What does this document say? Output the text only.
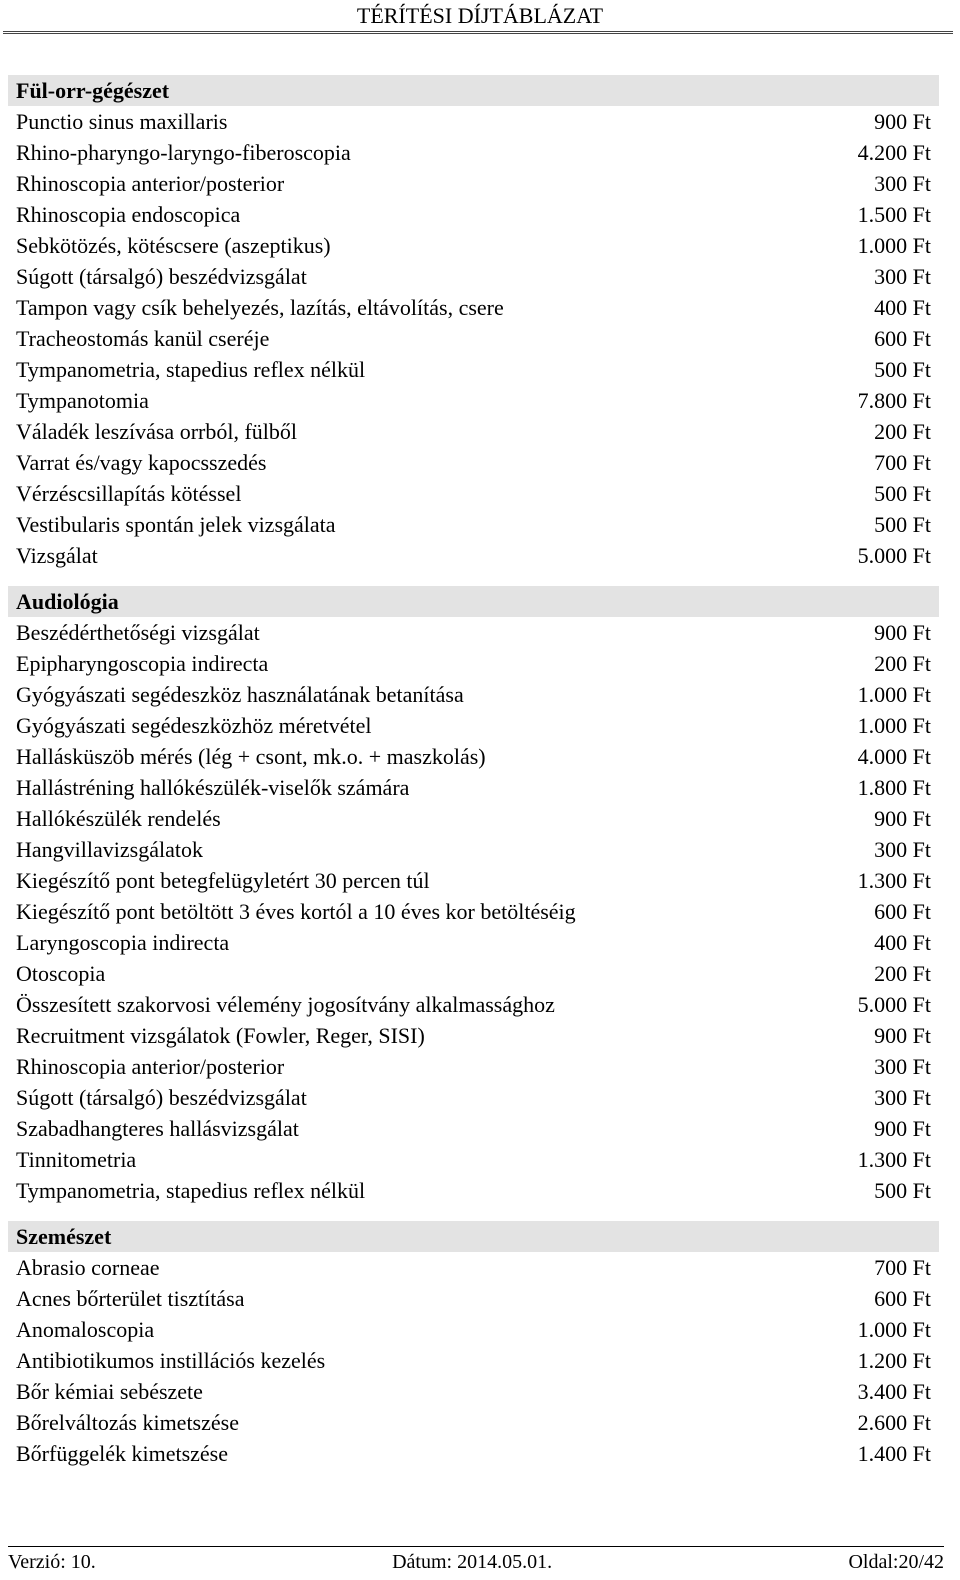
TÉRÍTÉSI DÍJTÁBLÁZAT
Fül-orr-gégészet
Punctio sinus maxillaris	900 Ft
Rhino-pharyngo-laryngo-fiberoscopia	4.200 Ft
Rhinoscopia anterior/posterior	300 Ft
Rhinoscopia endoscopica	1.500 Ft
Sebkötözés, kötéscsere (aszeptikus)	1.000 Ft
Súgott (társalgó) beszédvizsgálat	300 Ft
Tampon vagy csík behelyezés, lazítás, eltávolítás, csere	400 Ft
Tracheostomás kanül cseréje	600 Ft
Tympanometria, stapedius reflex nélkül	500 Ft
Tympanotomia	7.800 Ft
Váladék leszívása orrból, fülből	200 Ft
Varrat és/vagy kapocsszedés	700 Ft
Vérzéscsillapítás kötéssel	500 Ft
Vestibularis spontán jelek vizsgálata	500 Ft
Vizsgálat	5.000 Ft
Audiológia
Beszédérthetőségi vizsgálat	900 Ft
Epipharyngoscopia indirecta	200 Ft
Gyógyászati segédeszköz használatának betanítása	1.000 Ft
Gyógyászati segédeszközhöz méretvétel	1.000 Ft
Hallásküszöb mérés (lég + csont, mk.o. + maszkolás)	4.000 Ft
Hallástréning hallókészülék-viselők számára	1.800 Ft
Hallókészülék rendelés	900 Ft
Hangvillavizsgálatok	300 Ft
Kiegészítő pont betegfelügyletért 30 percen túl	1.300 Ft
Kiegészítő pont betöltött 3 éves kortól a 10 éves kor betöltéséig	600 Ft
Laryngoscopia indirecta	400 Ft
Otoscopia	200 Ft
Összesített szakorvosi vélemény jogosítvány alkalmassághoz	5.000 Ft
Recruitment vizsgálatok (Fowler, Reger, SISI)	900 Ft
Rhinoscopia anterior/posterior	300 Ft
Súgott (társalgó) beszédvizsgálat	300 Ft
Szabadhangteres hallásvizsgálat	900 Ft
Tinnitometria	1.300 Ft
Tympanometria, stapedius reflex nélkül	500 Ft
Szemészet
Abrasio corneae	700 Ft
Acnes bőrterület tisztítása	600 Ft
Anomaloscopia	1.000 Ft
Antibiotikumos instillációs kezelés	1.200 Ft
Bőr kémiai sebészete	3.400 Ft
Bőrelváltozás kimetszése	2.600 Ft
Bőrfüggelék kimetszése	1.400 Ft
Verzió: 10.	Dátum: 2014.05.01.	Oldal:20/42
